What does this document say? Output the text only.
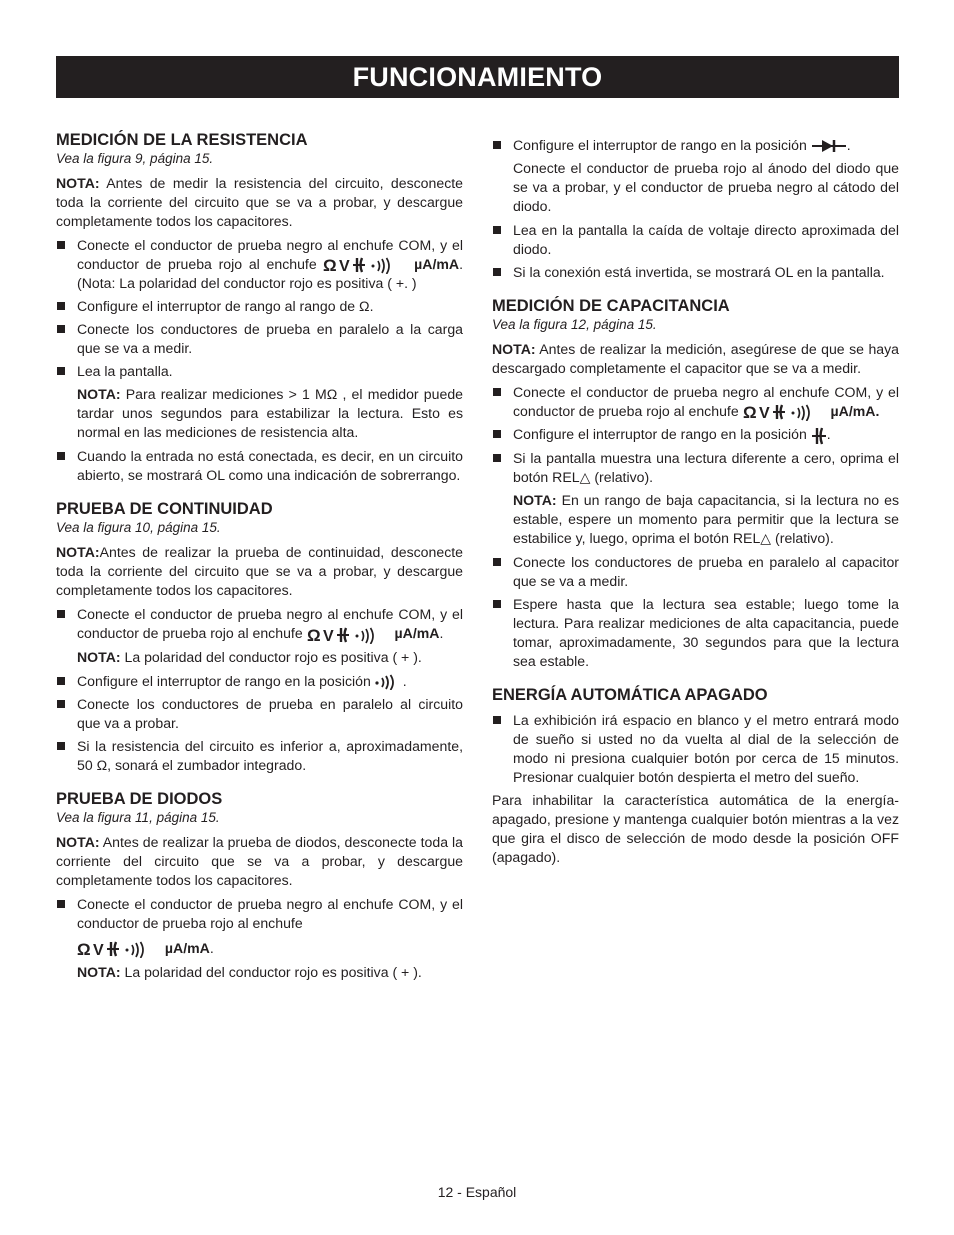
FUNCIONAMIENTO
MEDICIÓN DE LA RESISTENCIA
Vea la figura 9, página 15.

NOTA: Antes de medir la resistencia del circuito, desconecte toda la corriente del circuito que se va a probar, y descargue completamente todos los capacitores.

Conecte el conductor de prueba negro al enchufe COM, y el conductor de prueba rojo al enchufe	µA/mA. (Nota: La polaridad del conductor rojo es positiva ( +. )
Configure el interruptor de rango al rango de Ω.
Conecte los conductores de prueba en paralelo a la carga que se va a medir.
Lea la pantalla.

NOTA: Para realizar mediciones > 1 MΩ , el medidor puede tardar unos segundos para estabilizar la lectura. Esto es normal en las mediciones de resistencia alta.

Cuando la entrada no está conectada, es decir, en un circuito abierto, se mostrará OL como una indicación de sobrerrango.
PRUEBA DE CONTINUIDAD
Vea la figura 10, página 15.

NOTA:Antes de realizar la prueba de continuidad, desconecte toda la corriente del circuito que se va a probar, y descargue completamente todos los capacitores.

Conecte el conductor de prueba negro al enchufe COM, y el conductor de prueba rojo al enchufe	µA/mA.

NOTA: La polaridad del conductor rojo es positiva ( + ).

Configure el interruptor de rango en la posición .
Conecte los conductores de prueba en paralelo al circuito que va a probar.
Si la resistencia del circuito es inferior a, aproximadamente, 50 Ω, sonará el zumbador integrado.
PRUEBA DE DIODOS
Vea la figura 11, página 15.

NOTA: Antes de realizar la prueba de diodos, desconecte toda la corriente del circuito que se va a probar, y descargue completamente todos los capacitores.

Conecte el conductor de prueba negro al enchufe COM, y el conductor de prueba rojo al enchufe

µA/mA.

NOTA: La polaridad del conductor rojo es positiva ( + ).

Configure el interruptor de rango en la posición	.

Conecte el conductor de prueba rojo al ánodo del diodo que se va a probar, y el conductor de prueba negro al cátodo del diodo.

Lea en la pantalla la caída de voltaje directo aproximada del diodo.
Si la conexión está invertida, se mostrará OL en la pantalla.
MEDICIÓN DE CAPACITANCIA
Vea la figura 12, página 15.

NOTA: Antes de realizar la medición, asegúrese de que se haya descargado completamente el capacitor que se va a medir.

Conecte el conductor de prueba negro al enchufe COM, y el conductor de prueba rojo al enchufe	µA/mA.
Configure el interruptor de rango en la posición .
Si la pantalla muestra una lectura diferente a cero, oprima el botón REL△ (relativo).

NOTA: En un rango de baja capacitancia, si la lectura no es estable, espere un momento para permitir que la lectura se estabilice y, luego, oprima el botón REL△ (relativo).

Conecte los conductores de prueba en paralelo al capacitor que se va a medir.
Espere hasta que la lectura sea estable; luego tome la lectura. Para realizar mediciones de alta capacitancia, puede tomar, aproximadamente, 30 segundos para que la lectura sea estable.
ENERGÍA AUTOMÁTICA APAGADO
La exhibición irá espacio en blanco y el metro entrará modo de sueño si usted no da vuelta al dial de la selección de modo ni presiona cualquier botón por cerca de 15 minutos. Presionar cualquier botón despierta el metro del sueño.

Para inhabilitar la característica automática de la energía-apagado, presione y mantenga cualquier botón mientras a la vez que gira el disco de selección de modo desde la posición OFF (apagado).

12 - Español
